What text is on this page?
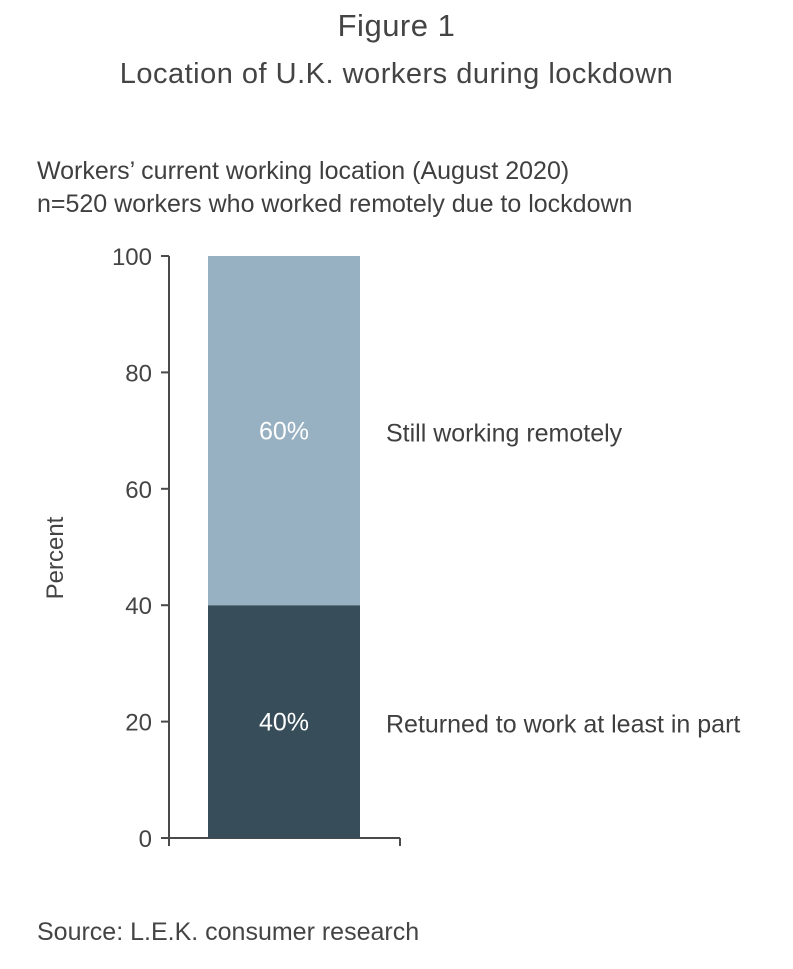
Figure 1
Location of U.K. workers during lockdown
Workers’ current working location (August 2020)
n=520 workers who worked remotely due to lockdown
0
20
40
60
80
100
40%
60%
Returned to work at least in part
Still working remotely
Percent
Source: L.E.K. consumer research
